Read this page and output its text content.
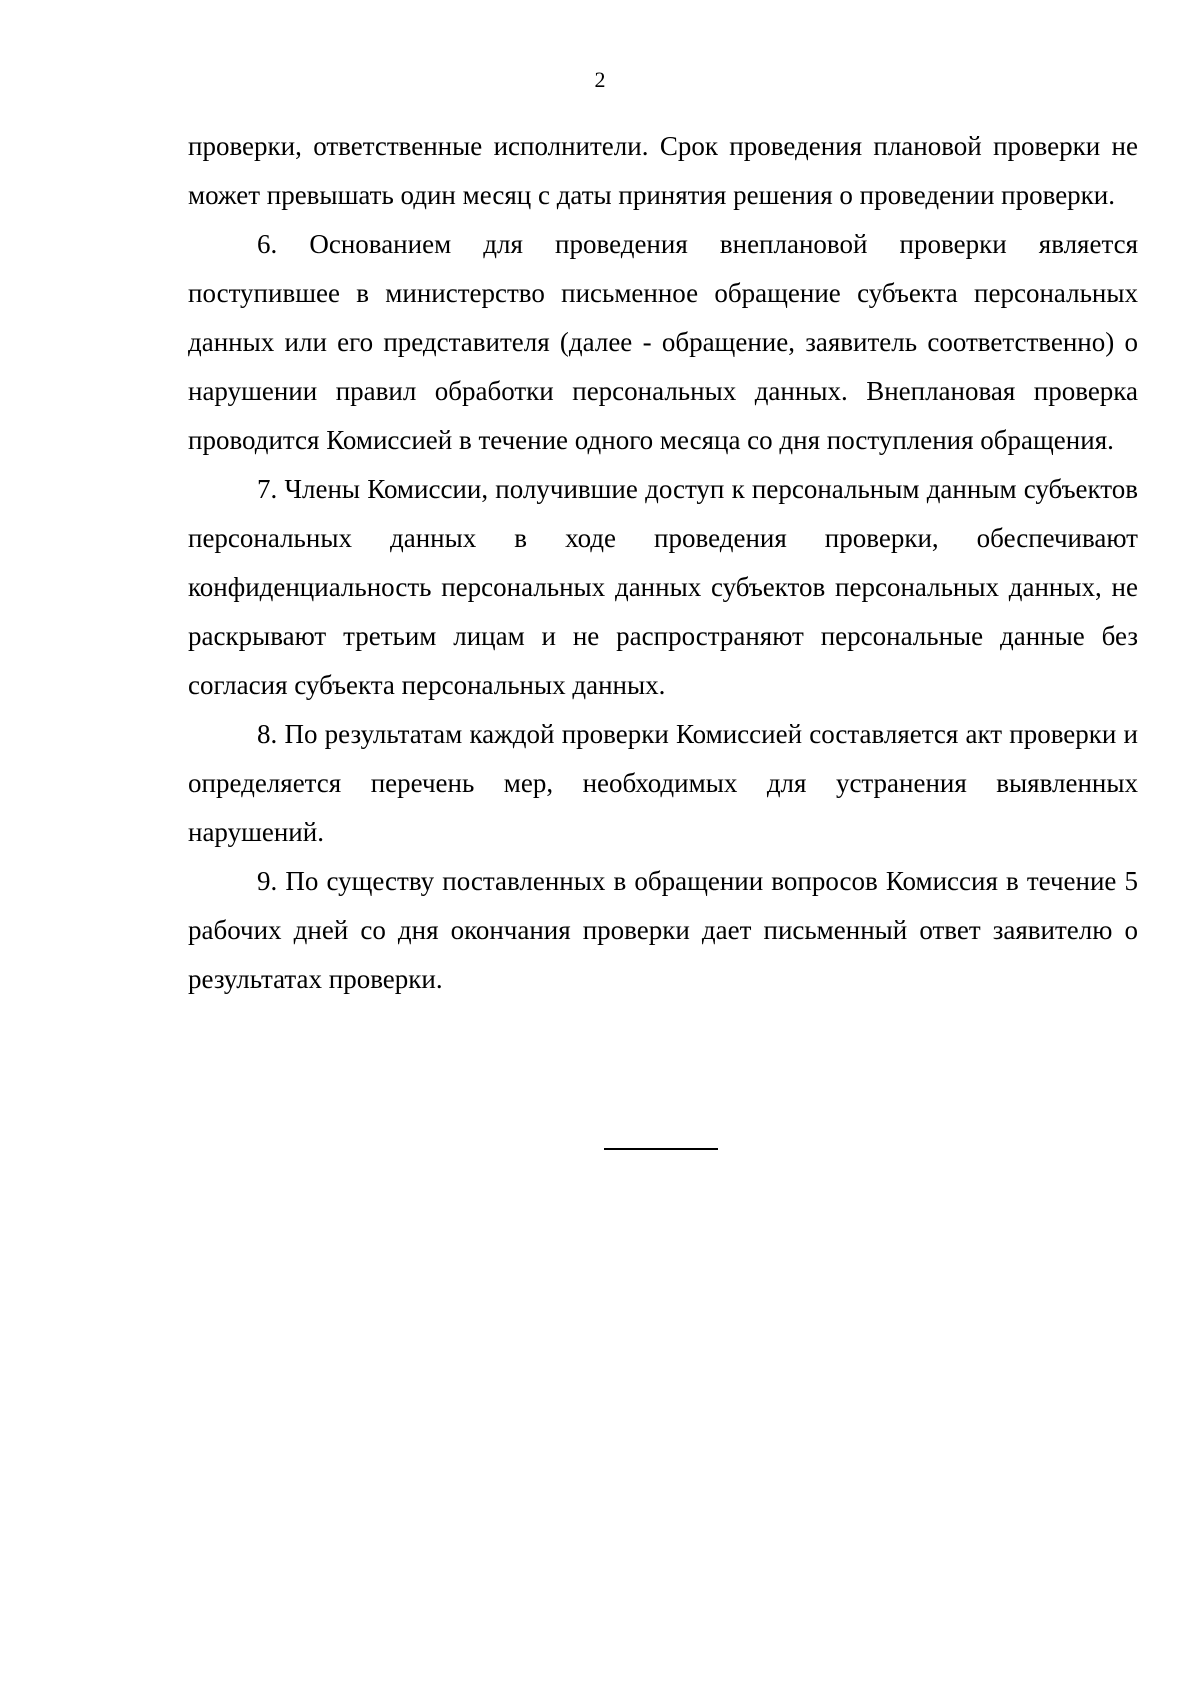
2

проверки, ответственные исполнители. Срок проведения плановой проверки не может превышать один месяц с даты принятия решения о проведении проверки.

6. Основанием для проведения внеплановой проверки является поступившее в министерство письменное обращение субъекта персональных данных или его представителя (далее - обращение, заявитель соответственно) о нарушении правил обработки персональных данных. Внеплановая проверка проводится Комиссией в течение одного месяца со дня поступления обращения.

7. Члены Комиссии, получившие доступ к персональным данным субъектов персональных данных в ходе проведения проверки, обеспечивают конфиденциальность персональных данных субъектов персональных данных, не раскрывают третьим лицам и не распространяют персональные данные без согласия субъекта персональных данных.

8. По результатам каждой проверки Комиссией составляется акт проверки и определяется перечень мер, необходимых для устранения выявленных нарушений.

9. По существу поставленных в обращении вопросов Комиссия в течение 5 рабочих дней со дня окончания проверки дает письменный ответ заявителю о результатах проверки.
